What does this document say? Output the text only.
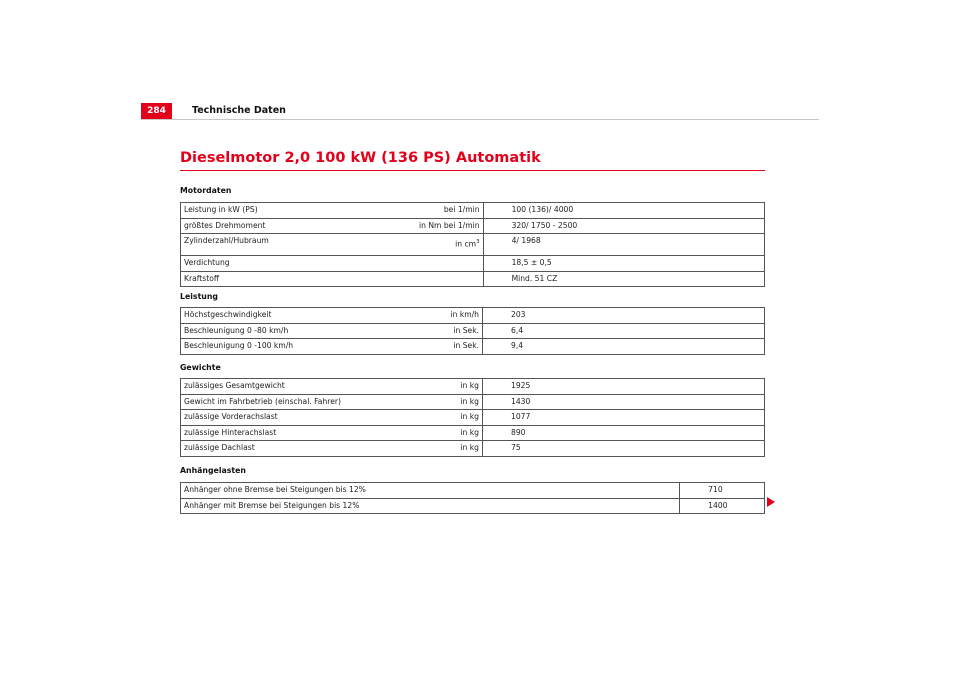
284	Technische Daten
Dieselmotor 2,0 100 kW (136 PS) Automatik
Motordaten
Leistung in kW (PS)	bei 1/min	100 (136)/ 4000
größtes Drehmoment	in Nm bei 1/min	320/ 1750 - 2500
Zylinderzahl/Hubraum	in $cm^3$	4/ 1968
Verdichtung		18,5 ± 0,5
Kraftstoff		Mind. 51 CZ
Leistung
Höchstgeschwindigkeit	in km/h	203
Beschleunigung 0 -80 km/h	in Sek.	6,4
Beschleunigung 0 -100 km/h	in Sek.	9,4
Gewichte
zulässiges Gesamtgewicht	in kg	1925
Gewicht im Fahrbetrieb (einschal. Fahrer)	in kg	1430
zulässige Vorderachslast	in kg	1077
zulässige Hinterachslast	in kg	890
zulässige Dachlast	in kg	75
Anhängelasten
Anhänger ohne Bremse bei Steigungen bis 12%	710
Anhänger mit Bremse bei Steigungen bis 12%	1400
